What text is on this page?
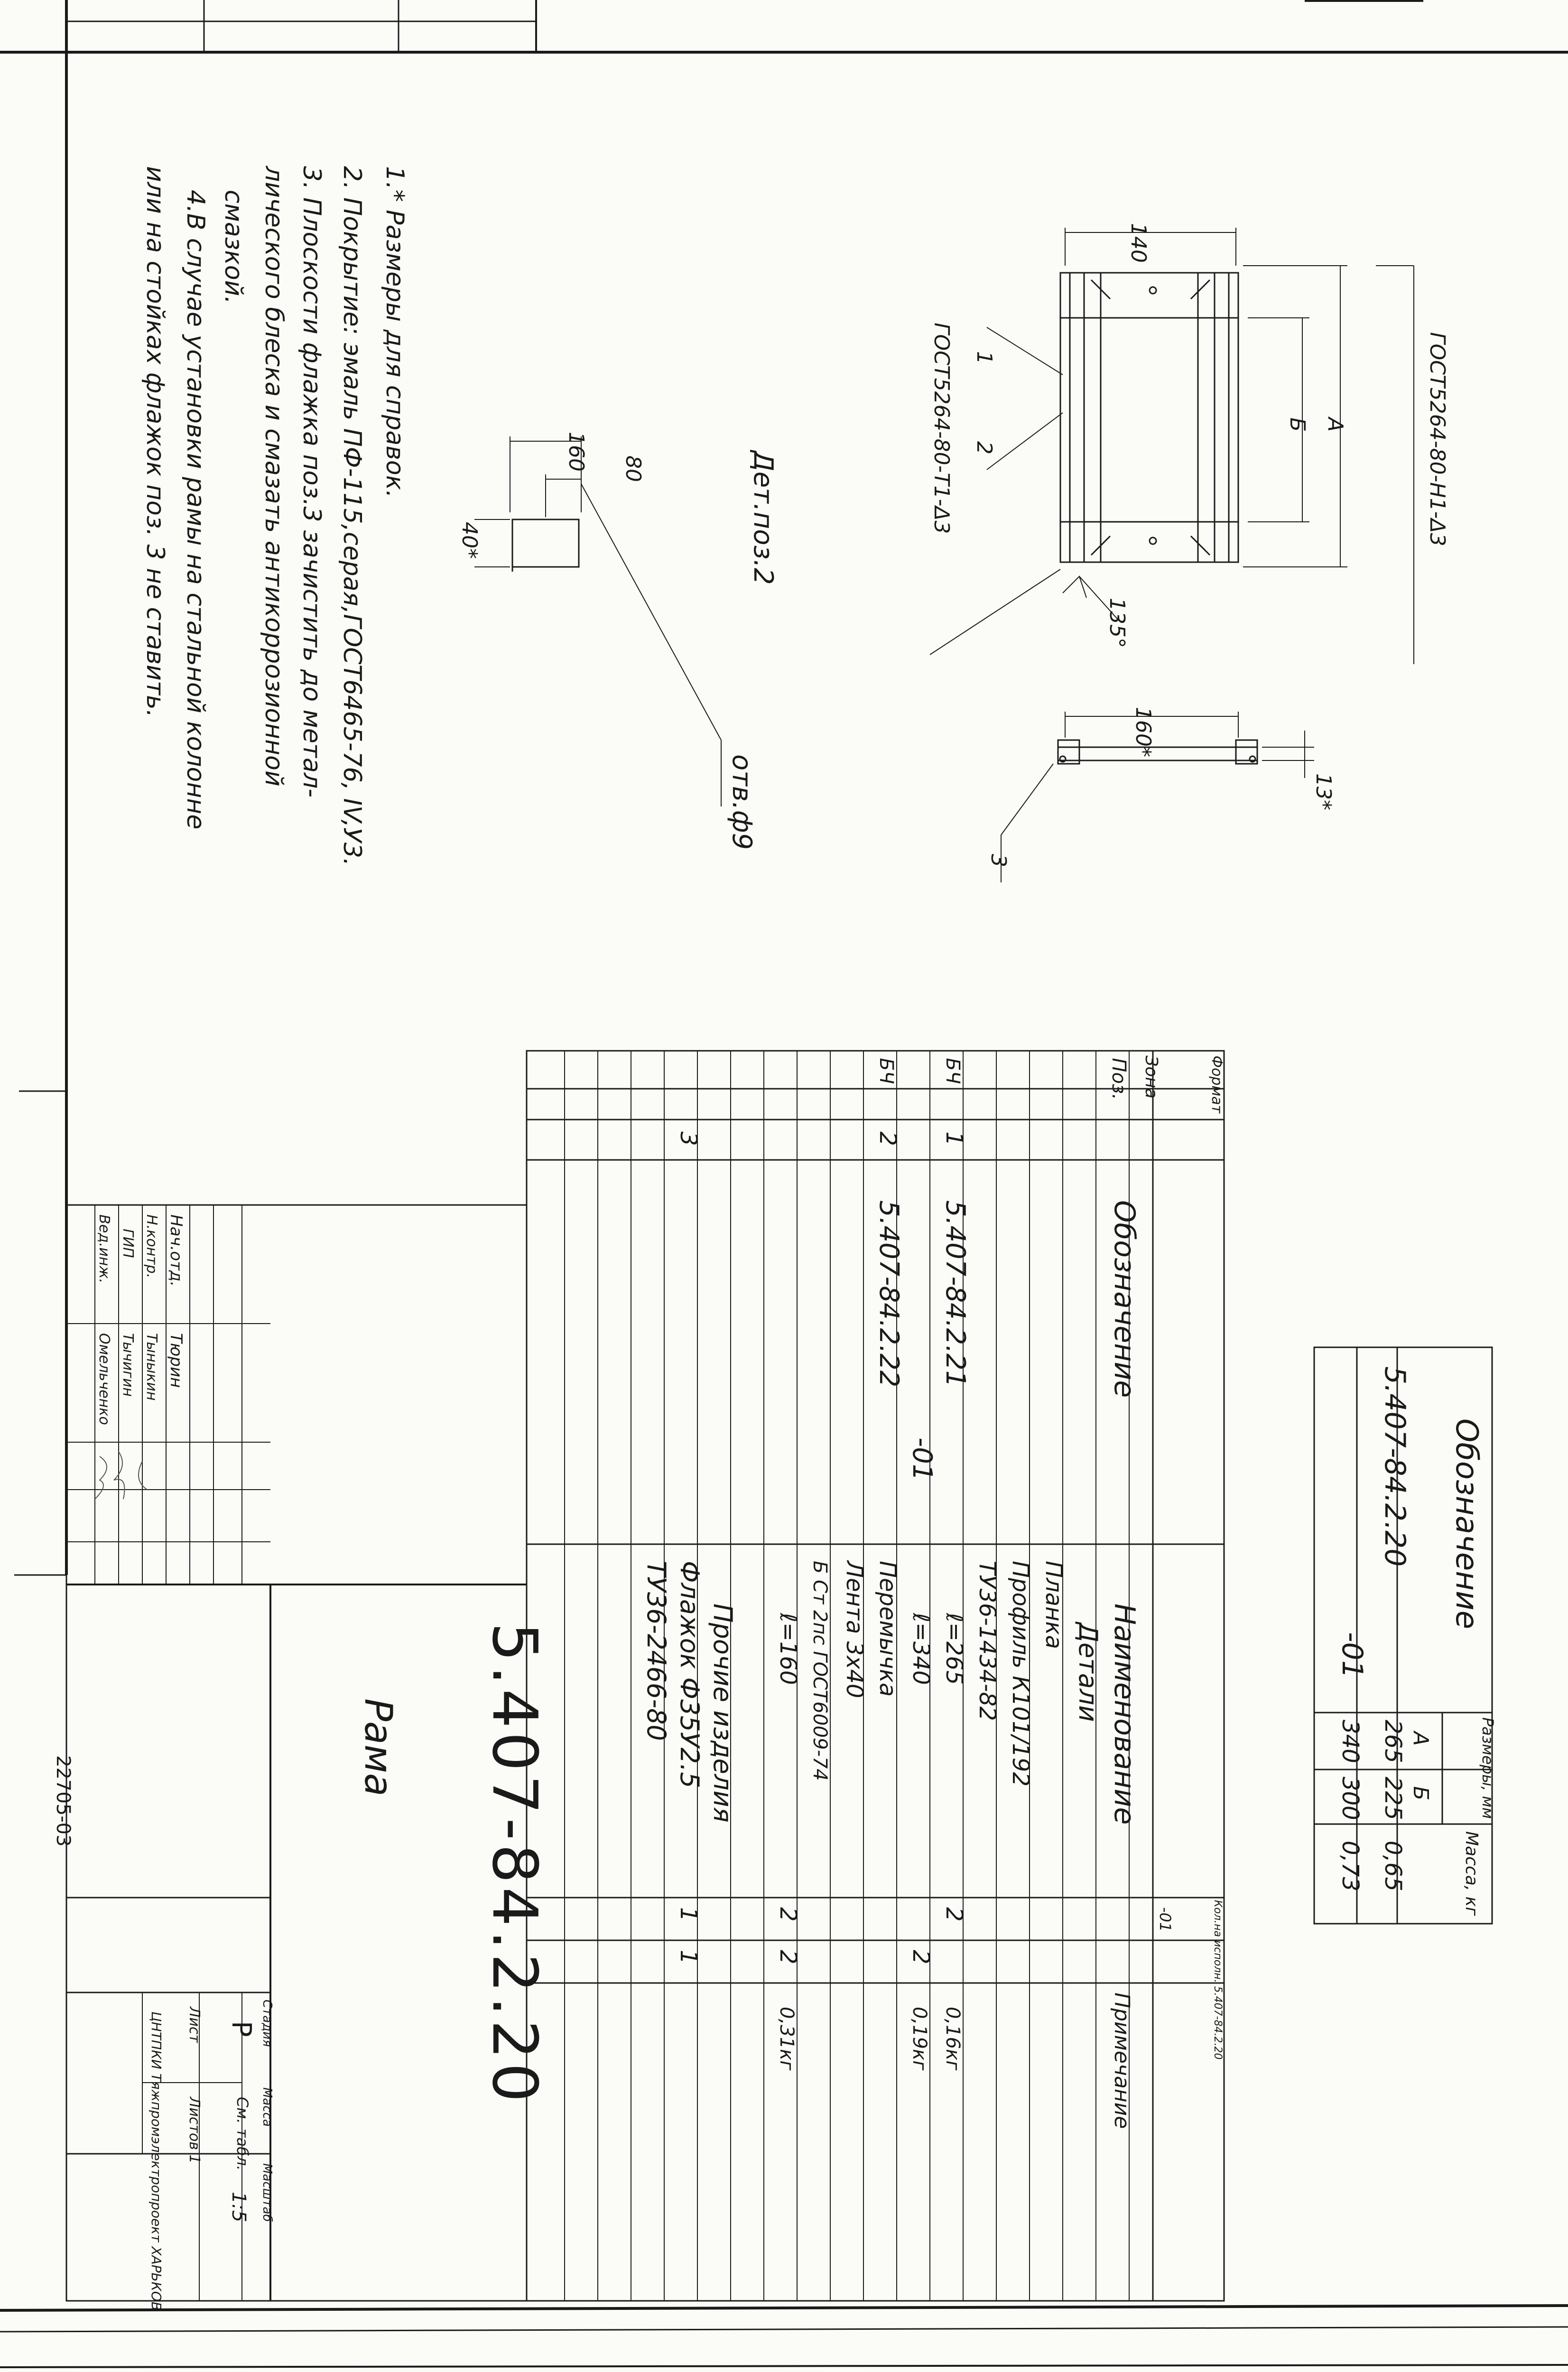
1.* Размеры для справок.
2. Покрытие: эмаль ПФ-115,серая,ГОСТ6465-76, IV,У3.
3. Плоскости флажка поз.3 зачистить до метал-
лического блеска и смазать антикоррозионной
смазкой.
4.В случае установки рамы на стальной колонне
или на стойках флажок поз. 3 не ставить.	ГОСТ5264-80-Н1-Δ3
ГОСТ5264-80-Т1-Δ3
140
А
Б
135°
160*
13*
1
2
3
Дет.поз.2
160 80
40*
отв.ф9
Обозначение
Размеры, мм
А
Б
Масса, кг
5.407-84.2.20
265
225
0,65
-01
340
300
0,73
Формат
Зона
Поз.
Обозначение
Наименование
Кол.на исполн. 5.407-84.2.20
-01
Примечание
Детали
Планка
Профиль К101/192
ТУ36-1434-82
БЧ
1
5.407-84.2.21
ℓ=265
2
0,16кг
-01
ℓ=340
2
0,19кг
БЧ
2
5.407-84.2.22
Перемычка
Лента 3х40
Б Ст 2пс ГОСТ6009-74
ℓ=160
2
2
0,31кг
Прочие изделия
3
Флажок Ф35У2.5
1
1
ТУ36-2466-80
5.407-84.2.20
Рама
Стадия
Масса
Масштаб
Р
См. табл.
1:5
Лист
Листов 1
ЦНТПКИ Тяжпромэлектропроект ХАРЬКОВ
Нач.отд.
Тюрин
Н.контр.
Тыныкин
ГИП
Тычигин
Вед.инж.
Омельченко
22705-03
